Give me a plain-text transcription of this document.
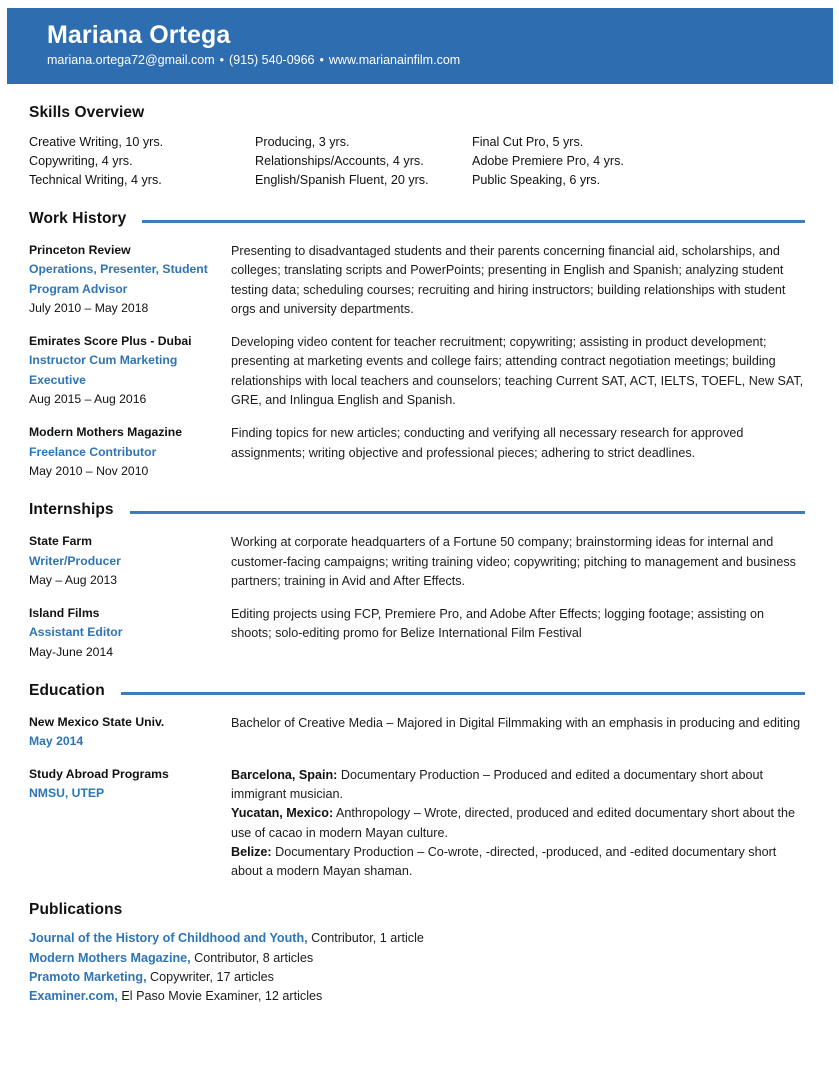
Mariana Ortega
mariana.ortega72@gmail.com • (915) 540-0966 • www.marianainfilm.com
Skills Overview
Creative Writing, 10 yrs.	Producing, 3 yrs.	Final Cut Pro, 5 yrs.
Copywriting, 4 yrs.	Relationships/Accounts, 4 yrs.	Adobe Premiere Pro, 4 yrs.
Technical Writing, 4 yrs.	English/Spanish Fluent, 20 yrs.	Public Speaking, 6 yrs.
Work History
Princeton Review
Operations, Presenter, Student Program Advisor
July 2010 – May 2018
Presenting to disadvantaged students and their parents concerning financial aid, scholarships, and colleges; translating scripts and PowerPoints; presenting in English and Spanish; analyzing student testing data; scheduling courses; recruiting and hiring instructors; building relationships with student orgs and university departments.
Emirates Score Plus - Dubai
Instructor Cum Marketing Executive
Aug 2015 – Aug 2016
Developing video content for teacher recruitment; copywriting; assisting in product development; presenting at marketing events and college fairs; attending contract negotiation meetings; building relationships with local teachers and counselors; teaching Current SAT, ACT, IELTS, TOEFL, New SAT, GRE, and Inlingua English and Spanish.
Modern Mothers Magazine
Freelance Contributor
May 2010 – Nov 2010
Finding topics for new articles; conducting and verifying all necessary research for approved assignments; writing objective and professional pieces; adhering to strict deadlines.
Internships
State Farm
Writer/Producer
May – Aug 2013
Working at corporate headquarters of a Fortune 50 company; brainstorming ideas for internal and customer-facing campaigns; writing training video; copywriting; pitching to management and business partners; training in Avid and After Effects.
Island Films
Assistant Editor
May-June 2014
Editing projects using FCP, Premiere Pro, and Adobe After Effects; logging footage; assisting on shoots; solo-editing promo for Belize International Film Festival
Education
New Mexico State Univ.
May 2014
Bachelor of Creative Media – Majored in Digital Filmmaking with an emphasis in producing and editing
Study Abroad Programs
NMSU, UTEP

Barcelona, Spain: Documentary Production – Produced and edited a documentary short about immigrant musician.

Yucatan, Mexico: Anthropology – Wrote, directed, produced and edited documentary short about the use of cacao in modern Mayan culture.

Belize: Documentary Production – Co-wrote, -directed, -produced, and -edited documentary short about a modern Mayan shaman.

Publications
Journal of the History of Childhood and Youth, Contributor, 1 article
Modern Mothers Magazine, Contributor, 8 articles
Pramoto Marketing, Copywriter, 17 articles
Examiner.com, El Paso Movie Examiner, 12 articles
